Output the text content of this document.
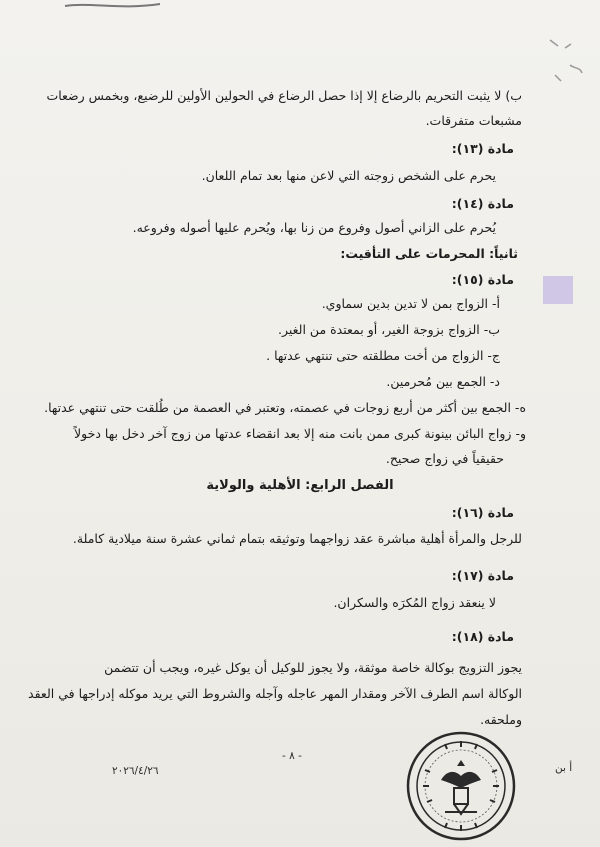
ب) لا يثبت التحريم بالرضاع إلا إذا حصل الرضاع في الحولين الأولين للرضيع، وبخمس رضعات
مشبعات متفرقات.
مادة (١٣):
يحرم على الشخص زوجته التي لاعن منها بعد تمام اللعان.
مادة (١٤):
يُحرم على الزاني أصول وفروع من زنا بها، ويُحرم عليها أصوله وفروعه.
ثانياً: المحرمات على التأقيت:
مادة (١٥):
أ- الزواج بمن لا تدين بدين سماوي.
ب- الزواج بزوجة الغير، أو بمعتدة من الغير.
ج- الزواج من أخت مطلقته حتى تنتهي عدتها .
د- الجمع بين مُحرمين.
ه- الجمع بين أكثر من أربع زوجات في عصمته، وتعتبر في العصمة من طُلقت حتى تنتهي عدتها.
و- زواج البائن بينونة كبرى ممن بانت منه إلا بعد انقضاء عدتها من زوج آخر دخل بها دخولاً
حقيقياً في زواج صحيح.
الفصل الرابع: الأهلية والولاية
مادة (١٦):
للرجل والمرأة أهلية مباشرة عقد زواجهما وتوثيقه بتمام ثماني عشرة سنة ميلادية كاملة.
مادة (١٧):
لا ينعقد زواج المُكرَه والسكران.
مادة (١٨):
يجوز التزويج بوكالة خاصة موثقة، ولا يجوز للوكيل أن يوكل غيره، ويجب أن تتضمن
الوكالة اسم الطرف الآخر ومقدار المهر عاجله وآجله والشروط التي يريد موكله إدراجها في العقد
وملحقه.
- ٨ -
٢٠٢٦/٤/٢٦	أ بن
